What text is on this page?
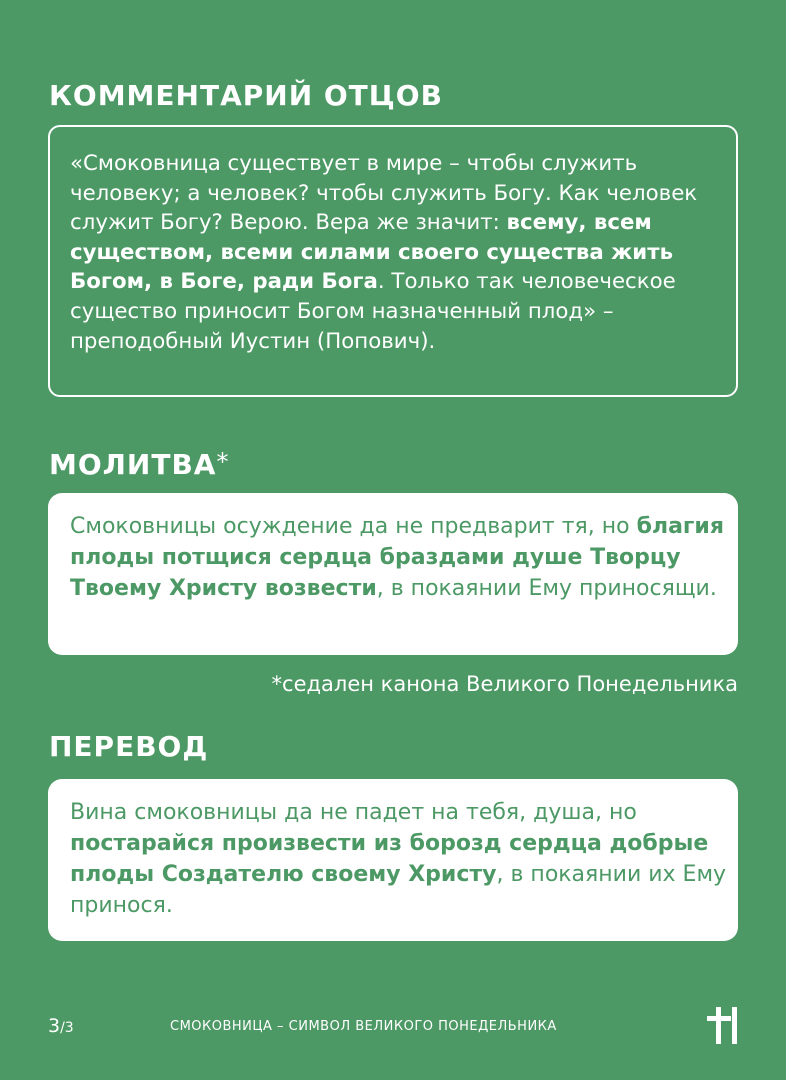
КОММЕНТАРИЙ ОТЦОВ

«Смоковница существует в мире – чтобы служить человеку; а человек? чтобы служить Богу. Как человек служит Богу? Верою. Вера же значит: всему, всем существом, всеми силами своего существа жить Богом, в Боге, ради Бога. Только так человеческое существо приносит Богом назначенный плод» – преподобный Иустин (Попович).

МОЛИТВА*

Смоковницы осуждение да не предварит тя, но благия плоды потщися сердца браздами душе Творцу Твоему Христу возвести, в покаянии Ему приносящи.

*седален канона Великого Понедельника

ПЕРЕВОД

Вина смоковницы да не падет на тебя, душа, но постарайся произвести из борозд сердца добрые плоды Создателю своему Христу, в покаянии их Ему принося.

3/3	СМОКОВНИЦА – СИМВОЛ ВЕЛИКОГО ПОНЕДЕЛЬНИКА
